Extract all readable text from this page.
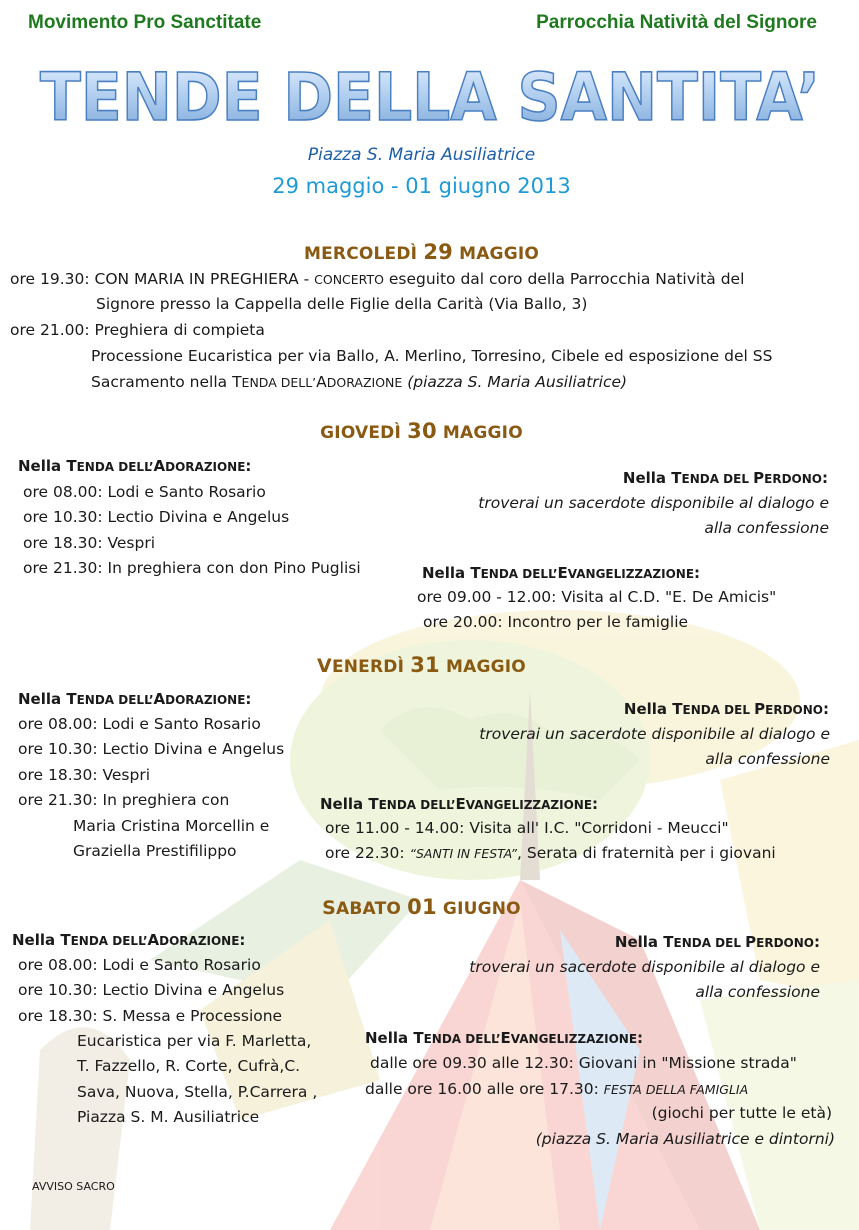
Movimento Pro Sanctitate	Parrocchia Natività del Signore
TENDE DELLA SANTITA’
Piazza S. Maria Ausiliatrice
29 maggio - 01 giugno 2013
MERCOLEDÌ 29 MAGGIO
ore 19.30: CON MARIA IN PREGHIERA - CONCERTO eseguito dal coro della Parrocchia Natività del
Signore presso la Cappella delle Figlie della Carità (Via Ballo, 3)
ore 21.00: Preghiera di compieta
Processione Eucaristica per via Ballo, A. Merlino, Torresino, Cibele ed esposizione del SS
Sacramento nella TENDA DELL’ADORAZIONE (piazza S. Maria Ausiliatrice)
GIOVEDÌ 30 MAGGIO
Nella TENDA DELL’ADORAZIONE:
ore 08.00: Lodi e Santo Rosario
ore 10.30: Lectio Divina e Angelus
ore 18.30: Vespri
ore 21.30: In preghiera con don Pino Puglisi
Nella TENDA DEL PERDONO:
troverai un sacerdote disponibile al dialogo e
alla confessione
Nella TENDA DELL’EVANGELIZZAZIONE:
ore 09.00 - 12.00: Visita al C.D. "E. De Amicis"
ore 20.00: Incontro per le famiglie
VENERDÌ 31 MAGGIO
Nella TENDA DELL’ADORAZIONE:
ore 08.00: Lodi e Santo Rosario
ore 10.30: Lectio Divina e Angelus
ore 18.30: Vespri
ore 21.30: In preghiera con
Maria Cristina Morcellin e
Graziella Prestifilippo
Nella TENDA DEL PERDONO:
troverai un sacerdote disponibile al dialogo e
alla confessione
Nella TENDA DELL’EVANGELIZZAZIONE:
ore 11.00 - 14.00: Visita all' I.C. "Corridoni - Meucci"
ore 22.30: “SANTI IN FESTA”, Serata di fraternità per i giovani
SABATO 01 GIUGNO
Nella TENDA DELL’ADORAZIONE:
ore 08.00: Lodi e Santo Rosario
ore 10.30: Lectio Divina e Angelus
ore 18.30: S. Messa e Processione
Eucaristica per via F. Marletta,
T. Fazzello, R. Corte, Cufrà,C.
Sava, Nuova, Stella, P.Carrera ,
Piazza S. M. Ausiliatrice
Nella TENDA DEL PERDONO:
troverai un sacerdote disponibile al dialogo e
alla confessione
Nella TENDA DELL’EVANGELIZZAZIONE:
dalle ore 09.30 alle 12.30: Giovani in "Missione strada"
dalle ore 16.00 alle ore 17.30: FESTA DELLA FAMIGLIA
(giochi per tutte le età)
(piazza S. Maria Ausiliatrice e dintorni)
AVVISO SACRO
